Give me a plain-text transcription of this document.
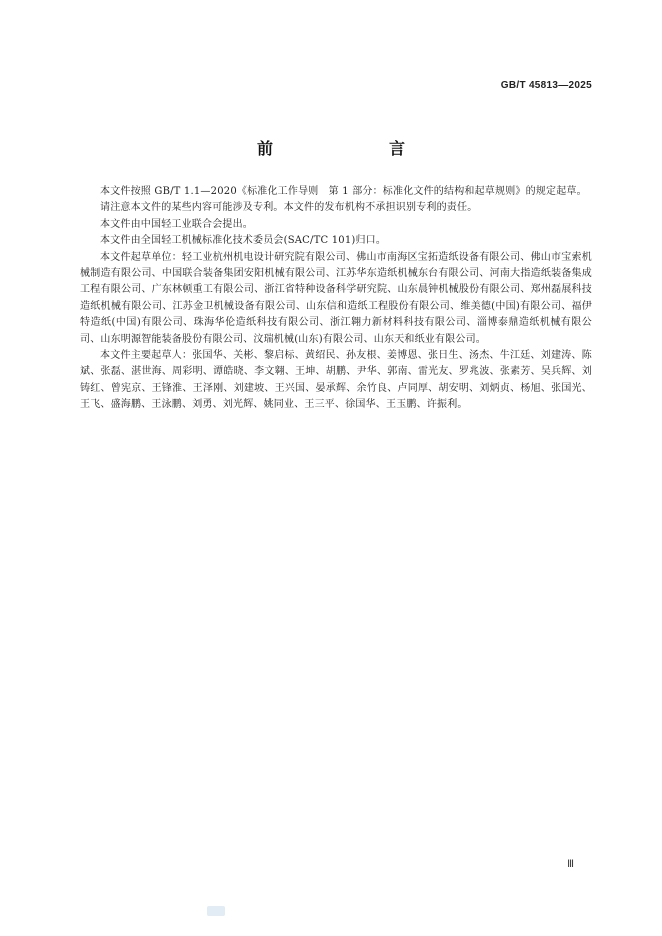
GB/T 45813—2025
前　　言

本文件按照 GB/T 1.1—2020《标准化工作导则　第 1 部分：标准化文件的结构和起草规则》的规定起草。

请注意本文件的某些内容可能涉及专利。本文件的发布机构不承担识别专利的责任。

本文件由中国轻工业联合会提出。

本文件由全国轻工机械标准化技术委员会(SAC/TC 101)归口。

本文件起草单位：轻工业杭州机电设计研究院有限公司、佛山市南海区宝拓造纸设备有限公司、佛山市宝索机械制造有限公司、中国联合装备集团安阳机械有限公司、江苏华东造纸机械东台有限公司、河南大指造纸装备集成工程有限公司、广东林顿重工有限公司、浙江省特种设备科学研究院、山东晨钟机械股份有限公司、郑州磊展科技造纸机械有限公司、江苏金卫机械设备有限公司、山东信和造纸工程股份有限公司、维美德(中国)有限公司、福伊特造纸(中国)有限公司、珠海华伦造纸科技有限公司、浙江翱力新材料科技有限公司、淄博泰鼎造纸机械有限公司、山东明源智能装备股份有限公司、汶瑞机械(山东)有限公司、山东天和纸业有限公司。

本文件主要起草人：张国华、关彬、黎启标、黄绍民、孙友根、姜博恩、张日生、汤杰、牛江廷、刘建涛、陈斌、张磊、湛世海、周彩明、谭皓晓、李文翱、王坤、胡鹏、尹华、郭南、雷光友、罗兆波、张素芳、吴兵辉、刘铸红、曾宪京、王锋淮、王泽刚、刘建坡、王兴国、晏承辉、余竹良、卢同厚、胡安明、刘炳贞、杨旭、张国光、王飞、盛海鹏、王泳鹏、刘勇、刘光辉、姚同业、王三平、徐国华、王玉鹏、许振利。

Ⅲ
